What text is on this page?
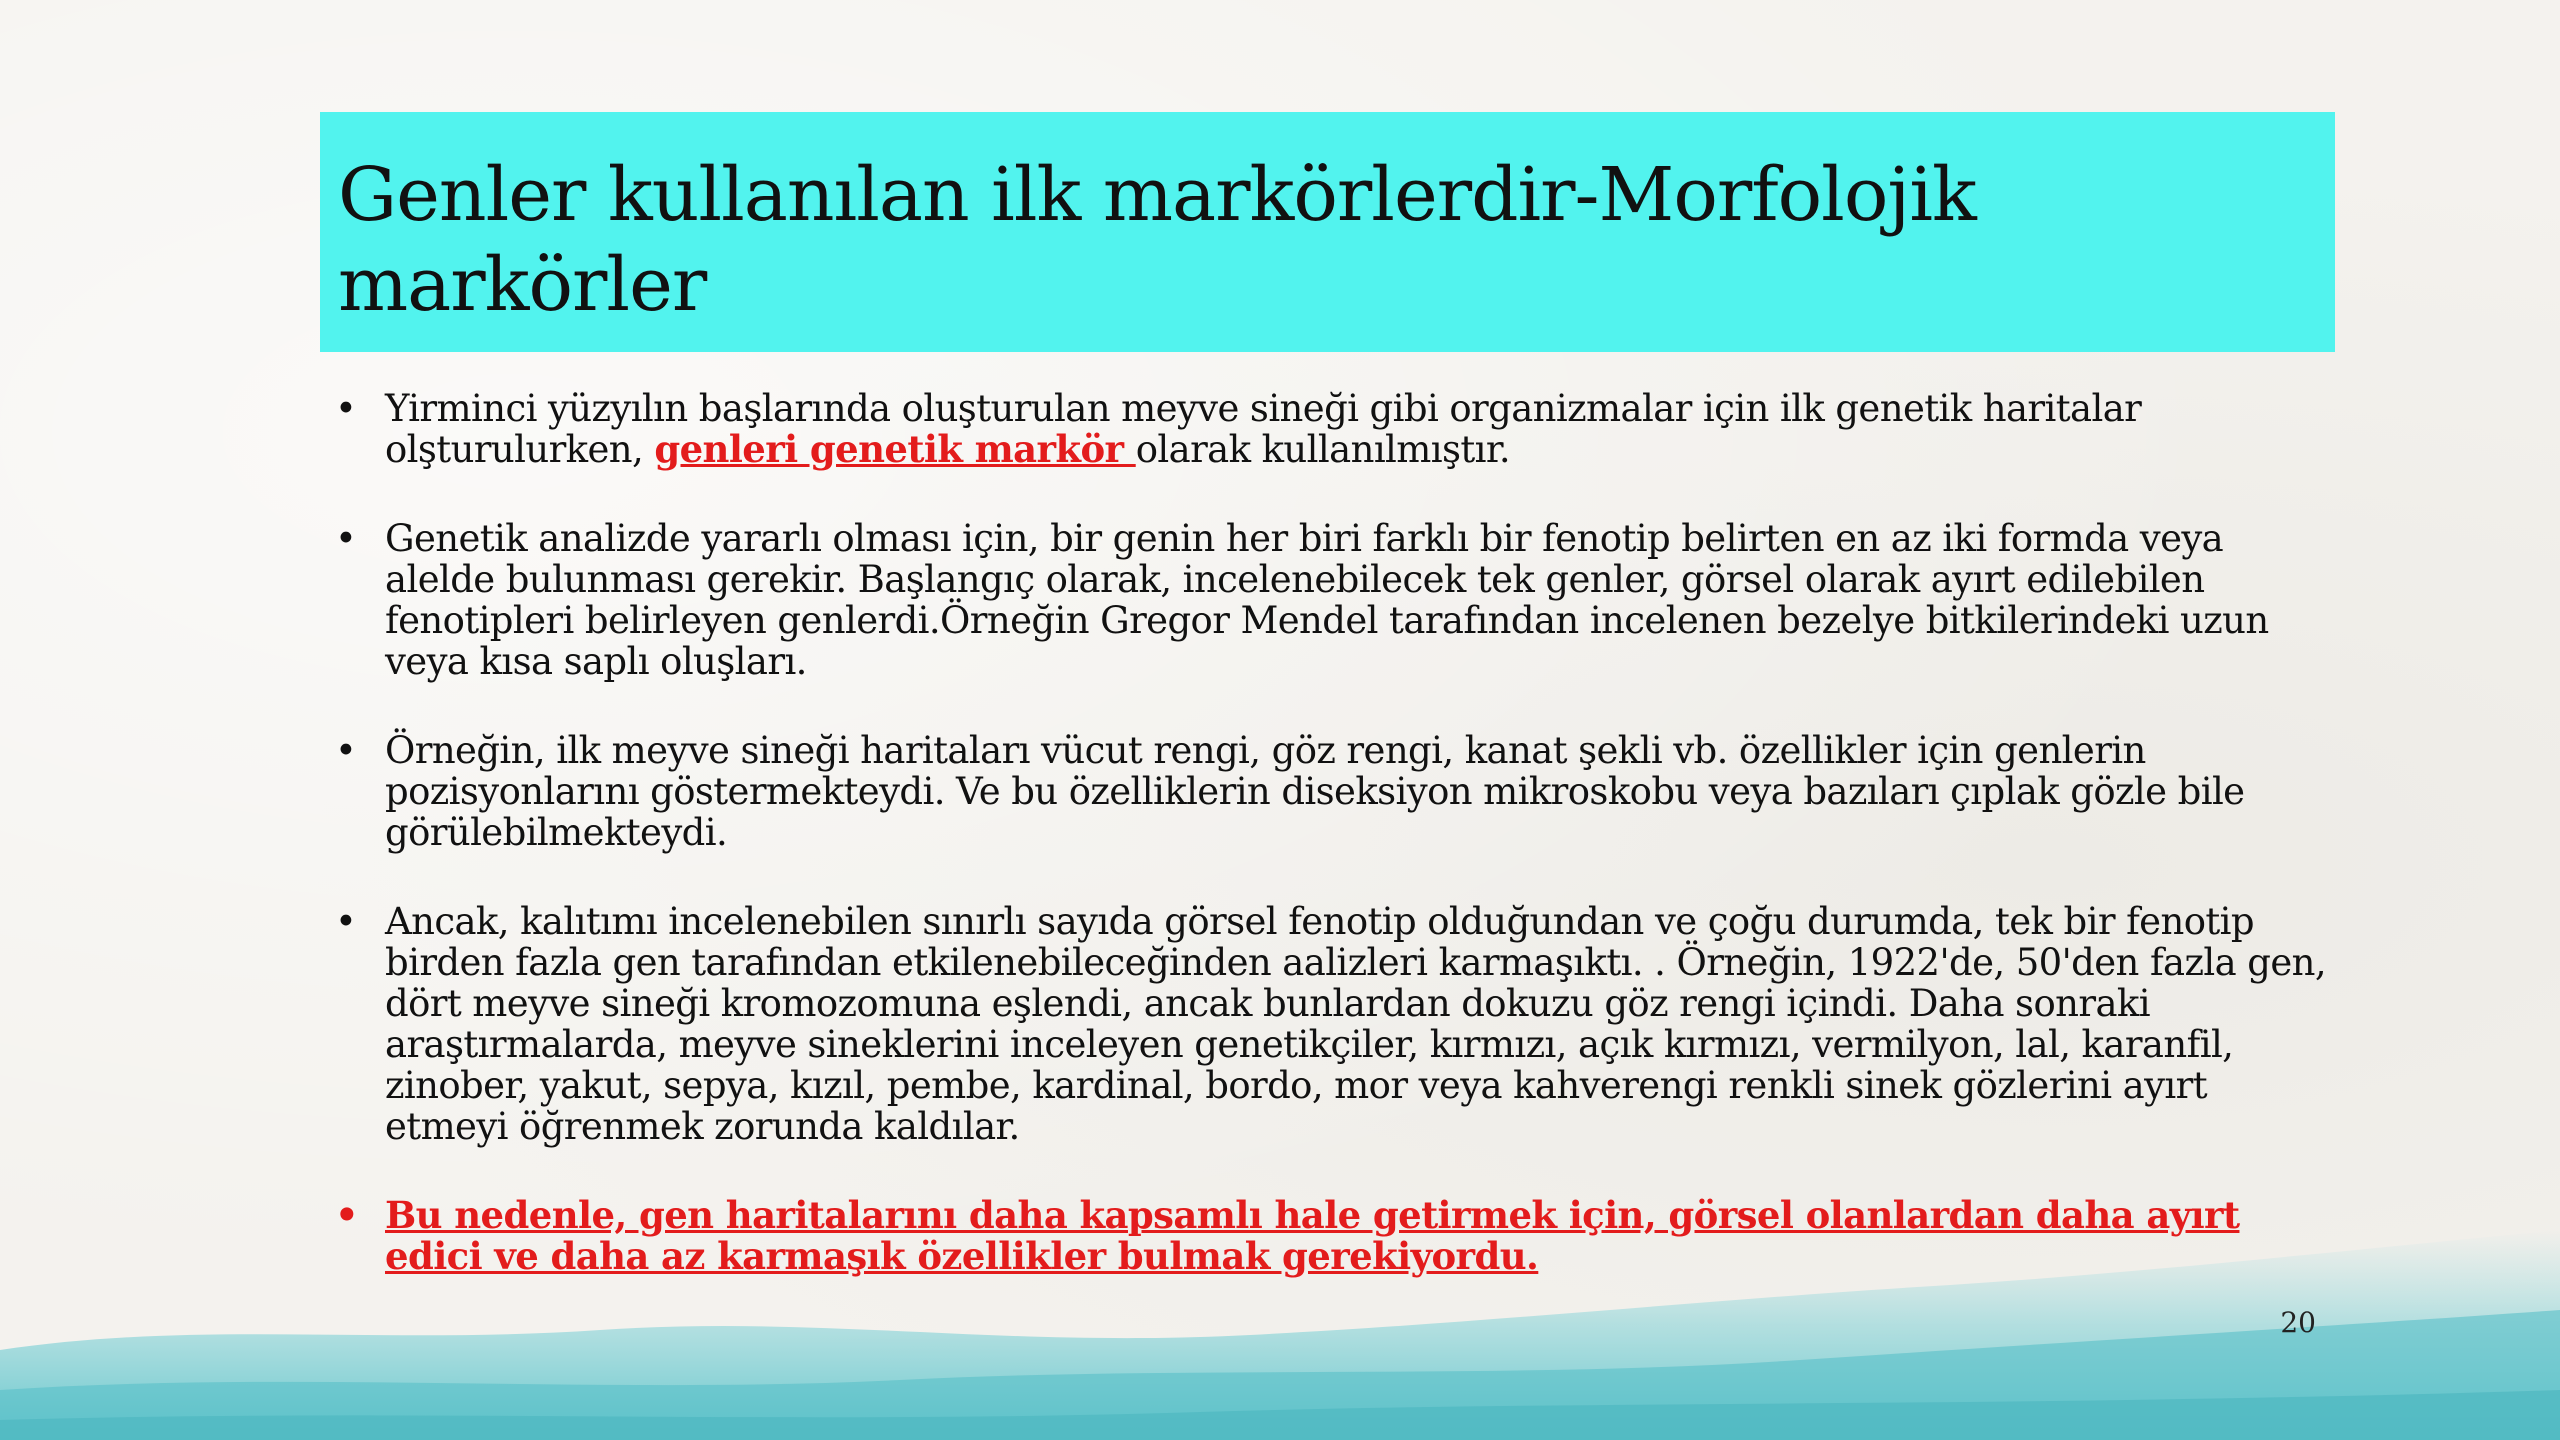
Genler kullanılan ilk markörlerdir-Morfolojik markörler
• Yirminci yüzyılın başlarında oluşturulan meyve sineği gibi organizmalar için ilk genetik haritalar olşturulurken, genleri genetik markör olarak kullanılmıştır.
• Genetik analizde yararlı olması için, bir genin her biri farklı bir fenotip belirten en az iki formda veya alelde bulunması gerekir. Başlangıç olarak, incelenebilecek tek genler, görsel olarak ayırt edilebilen fenotipleri belirleyen genlerdi.Örneğin Gregor Mendel tarafından incelenen bezelye bitkilerindeki uzun veya kısa saplı oluşları.
• Örneğin, ilk meyve sineği haritaları vücut rengi, göz rengi, kanat şekli vb. özellikler için genlerin pozisyonlarını göstermekteydi. Ve bu özelliklerin diseksiyon mikroskobu veya bazıları çıplak gözle bile görülebilmekteydi.
• Ancak, kalıtımı incelenebilen sınırlı sayıda görsel fenotip olduğundan ve çoğu durumda, tek bir fenotip birden fazla gen tarafından etkilenebileceğinden aalizleri karmaşıktı. . Örneğin, 1922'de, 50'den fazla gen, dört meyve sineği kromozomuna eşlendi, ancak bunlardan dokuzu göz rengi içindi. Daha sonraki araştırmalarda, meyve sineklerini inceleyen genetikçiler, kırmızı, açık kırmızı, vermilyon, lal, karanfil, zinober, yakut, sepya, kızıl, pembe, kardinal, bordo, mor veya kahverengi renkli sinek gözlerini ayırt etmeyi öğrenmek zorunda kaldılar.
• Bu nedenle, gen haritalarını daha kapsamlı hale getirmek için, görsel olanlardan daha ayırt edici ve daha az karmaşık özellikler bulmak gerekiyordu.
20
